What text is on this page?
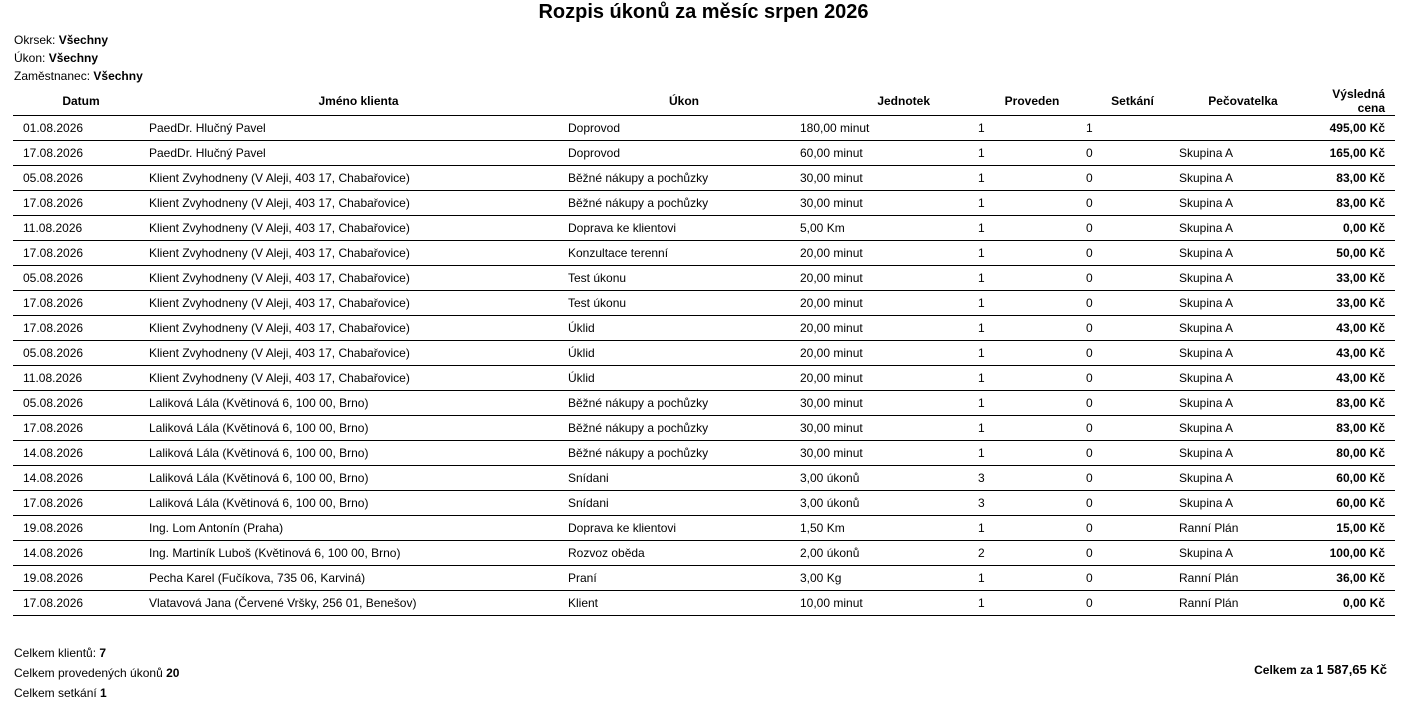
Rozpis úkonů za měsíc srpen 2026
Okrsek: Všechny
Úkon: Všechny
Zaměstnanec: Všechny
Datum	Jméno klienta	Úkon	Jednotek	Proveden	Setkání	Pečovatelka	Výsledná cena
01.08.2026	PaedDr. Hlučný Pavel	Doprovod	180,00 minut	1	1		495,00 Kč
17.08.2026	PaedDr. Hlučný Pavel	Doprovod	60,00 minut	1	0	Skupina A	165,00 Kč
05.08.2026	Klient Zvyhodneny (V Aleji, 403 17, Chabařovice)	Běžné nákupy a pochůzky	30,00 minut	1	0	Skupina A	83,00 Kč
17.08.2026	Klient Zvyhodneny (V Aleji, 403 17, Chabařovice)	Běžné nákupy a pochůzky	30,00 minut	1	0	Skupina A	83,00 Kč
11.08.2026	Klient Zvyhodneny (V Aleji, 403 17, Chabařovice)	Doprava ke klientovi	5,00 Km	1	0	Skupina A	0,00 Kč
17.08.2026	Klient Zvyhodneny (V Aleji, 403 17, Chabařovice)	Konzultace terenní	20,00 minut	1	0	Skupina A	50,00 Kč
05.08.2026	Klient Zvyhodneny (V Aleji, 403 17, Chabařovice)	Test úkonu	20,00 minut	1	0	Skupina A	33,00 Kč
17.08.2026	Klient Zvyhodneny (V Aleji, 403 17, Chabařovice)	Test úkonu	20,00 minut	1	0	Skupina A	33,00 Kč
17.08.2026	Klient Zvyhodneny (V Aleji, 403 17, Chabařovice)	Úklid	20,00 minut	1	0	Skupina A	43,00 Kč
05.08.2026	Klient Zvyhodneny (V Aleji, 403 17, Chabařovice)	Úklid	20,00 minut	1	0	Skupina A	43,00 Kč
11.08.2026	Klient Zvyhodneny (V Aleji, 403 17, Chabařovice)	Úklid	20,00 minut	1	0	Skupina A	43,00 Kč
05.08.2026	Laliková Lála (Květinová 6, 100 00, Brno)	Běžné nákupy a pochůzky	30,00 minut	1	0	Skupina A	83,00 Kč
17.08.2026	Laliková Lála (Květinová 6, 100 00, Brno)	Běžné nákupy a pochůzky	30,00 minut	1	0	Skupina A	83,00 Kč
14.08.2026	Laliková Lála (Květinová 6, 100 00, Brno)	Běžné nákupy a pochůzky	30,00 minut	1	0	Skupina A	80,00 Kč
14.08.2026	Laliková Lála (Květinová 6, 100 00, Brno)	Snídani	3,00 úkonů	3	0	Skupina A	60,00 Kč
17.08.2026	Laliková Lála (Květinová 6, 100 00, Brno)	Snídani	3,00 úkonů	3	0	Skupina A	60,00 Kč
19.08.2026	Ing. Lom Antonín (Praha)	Doprava ke klientovi	1,50 Km	1	0	Ranní Plán	15,00 Kč
14.08.2026	Ing. Martiník Luboš (Květinová 6, 100 00, Brno)	Rozvoz oběda	2,00 úkonů	2	0	Skupina A	100,00 Kč
19.08.2026	Pecha Karel (Fučíkova, 735 06, Karviná)	Praní	3,00 Kg	1	0	Ranní Plán	36,00 Kč
17.08.2026	Vlatavová Jana (Červené Vršky, 256 01, Benešov)	Klient	10,00 minut	1	0	Ranní Plán	0,00 Kč
Celkem klientů: 7
Celkem provedených úkonů 20
Celkem setkání 1
Celkem za 1 587,65 Kč
